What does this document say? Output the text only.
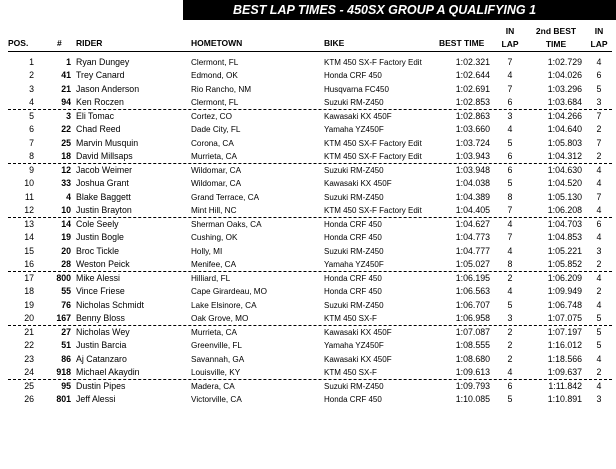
BEST LAP TIMES - 450SX GROUP A QUALIFYING 1
POS.	# RIDER	HOMETOWN	BIKE	BEST TIME
IN
LAP
2nd BEST
TIME
IN
LAP
1	1 Ryan Dungey	Clermont, FL	KTM 450 SX-F Factory Edit	1:02.321	7	1:02.729	4
2	41 Trey Canard	Edmond, OK	Honda CRF 450	1:02.644	4	1:04.026	6
3	21 Jason Anderson	Rio Rancho, NM	Husqvarna FC450	1:02.691	7	1:03.296	5
4	94 Ken Roczen	Clermont, FL	Suzuki RM-Z450	1:02.853	6	1:03.684	3
5	3 Eli Tomac	Cortez, CO	Kawasaki KX 450F	1:02.863	3	1:04.266	7
6	22 Chad Reed	Dade City, FL	Yamaha YZ450F	1:03.660	4	1:04.640	2
7	25 Marvin Musquin	Corona, CA	KTM 450 SX-F Factory Edit	1:03.724	5	1:05.803	7
8	18 David Millsaps	Murrieta, CA	KTM 450 SX-F Factory Edit	1:03.943	6	1:04.312	2
9	12 Jacob Weimer	Wildomar, CA	Suzuki RM-Z450	1:03.948	6	1:04.630	4
10	33 Joshua Grant	Wildomar, CA	Kawasaki KX 450F	1:04.038	5	1:04.520	4
11	4 Blake Baggett	Grand Terrace, CA	Suzuki RM-Z450	1:04.389	8	1:05.130	7
12	10 Justin Brayton	Mint Hill, NC	KTM 450 SX-F Factory Edit	1:04.405	7	1:06.208	4
13	14 Cole Seely	Sherman Oaks, CA	Honda CRF 450	1:04.627	4	1:04.703	6
14	19 Justin Bogle	Cushing, OK	Honda CRF 450	1:04.773	7	1:04.853	4
15	20 Broc Tickle	Holly, MI	Suzuki RM-Z450	1:04.777	4	1:05.221	3
16	28 Weston Peick	Menifee, CA	Yamaha YZ450F	1:05.027	8	1:05.852	2
17	800 Mike Alessi	Hilliard, FL	Honda CRF 450	1:06.195	2	1:06.209	4
18	55 Vince Friese	Cape Girardeau, MO	Honda CRF 450	1:06.563	4	1:09.949	2
19	76 Nicholas Schmidt	Lake Elsinore, CA	Suzuki RM-Z450	1:06.707	5	1:06.748	4
20	167 Benny Bloss	Oak Grove, MO	KTM 450 SX-F	1:06.958	3	1:07.075	5
21	27 Nicholas Wey	Murrieta, CA	Kawasaki KX 450F	1:07.087	2	1:07.197	5
22	51 Justin Barcia	Greenville, FL	Yamaha YZ450F	1:08.555	2	1:16.012	5
23	86 Aj Catanzaro	Savannah, GA	Kawasaki KX 450F	1:08.680	2	1:18.566	4
24	918 Michael Akaydin	Louisville, KY	KTM 450 SX-F	1:09.613	4	1:09.637	2
25	95 Dustin Pipes	Madera, CA	Suzuki RM-Z450	1:09.793	6	1:11.842	4
26	801 Jeff Alessi	Victorville, CA	Honda CRF 450	1:10.085	5	1:10.891	3
